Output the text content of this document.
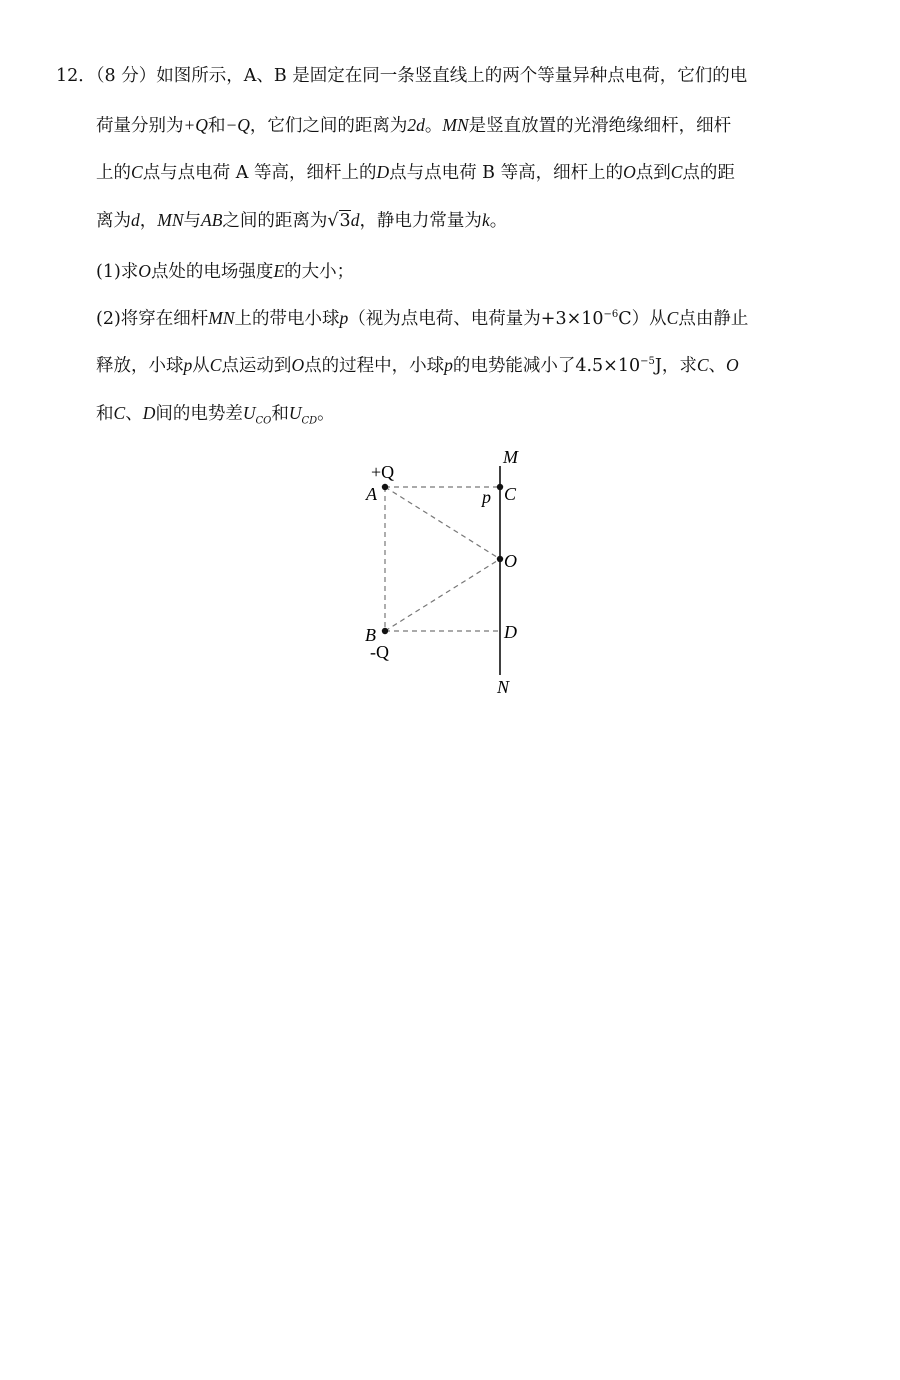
12．（8 分）如图所示，A、B 是固定在同一条竖直线上的两个等量异种点电荷，它们的电
荷量分别为+Q和−Q，它们之间的距离为2d。MN是竖直放置的光滑绝缘细杆，细杆
上的C点与点电荷 A 等高，细杆上的D点与点电荷 B 等高，细杆上的O点到C点的距
离为d，MN与AB之间的距离为√3d，静电力常量为k。
(1)求O点处的电场强度E的大小；
(2)将穿在细杆MN上的带电小球p（视为点电荷、电荷量为$+3\times 10^{-6}C$）从C点由静止
释放，小球p从C点运动到O点的过程中，小球p的电势能减小了$4.5\times 10^{-5}J$，求C、O
和C、D间的电势差$U_{CO}$和$U_{CD}$。
+Q
A
B
-Q
p C
O
D
M
N
